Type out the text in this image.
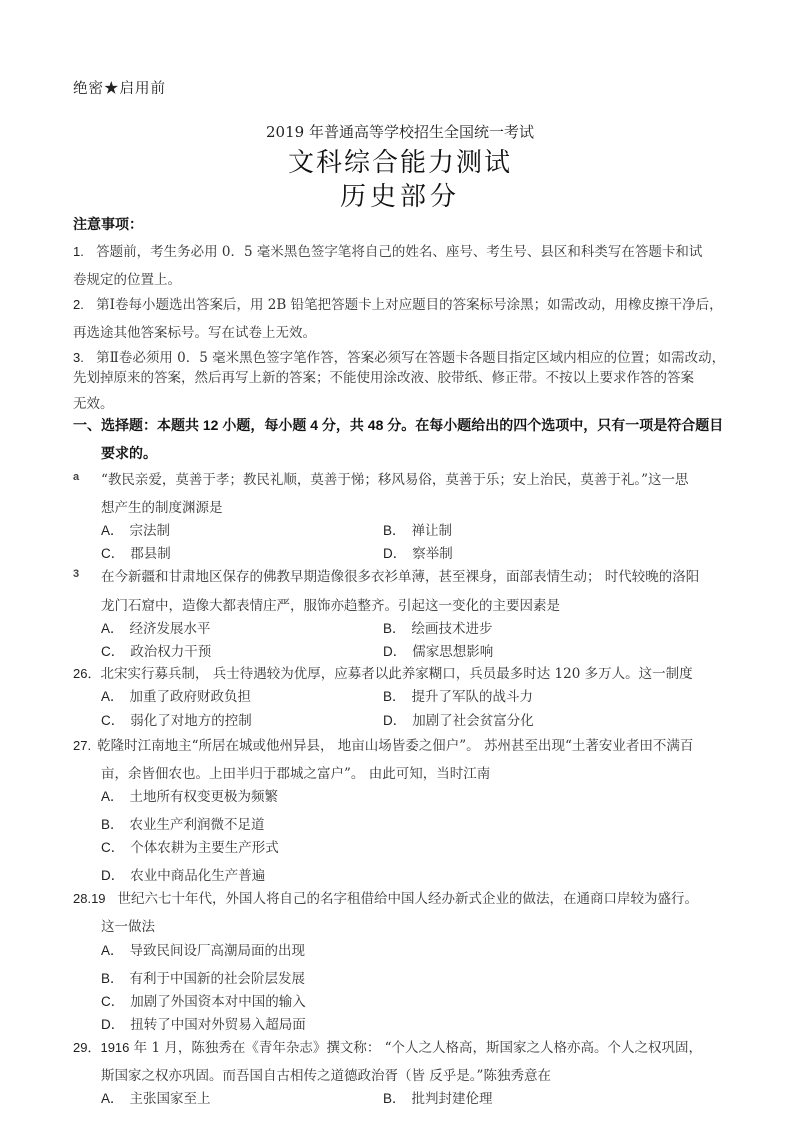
绝密★启用前
2019 年普通高等学校招生全国统一考试
文科综合能力测试
历史部分
注意事项：
1. 答题前，考生务必用 0．5 毫米黑色签字笔将自己的姓名、座号、考生号、县区和科类写在答题卡和试
卷规定的位置上。
2. 第Ⅰ卷每小题选出答案后，用 2B 铅笔把答题卡上对应题目的答案标号涂黑；如需改动，用橡皮擦干净后，
再选途其他答案标号。写在试卷上无效。
3. 第Ⅱ卷必须用 0．5 毫米黑色签字笔作答，答案必须写在答题卡各题目指定区域内相应的位置；如需改动，
先划掉原来的答案，然后再写上新的答案；不能使用涂改液、胶带纸、修正带。不按以上要求作答的答案
无效。
一、选择题：本题共 12 小题，每小题 4 分，共 48 分。在每小题给出的四个选项中，只有一项是符合题目
要求的。
a “教民亲爱，莫善于孝；教民礼顺，莫善于悌；移风易俗，莫善于乐；安上治民，莫善于礼。”这一思
想产生的制度渊源是
A． 宗法制	B． 禅让制
C． 郡县制	D． 察举制
3 在今新疆和甘肃地区保存的佛教早期造像很多衣衫单薄，甚至裸身，面部表情生动； 时代较晚的洛阳
龙门石窟中，造像大都表情庄严，服饰亦趋整齐。引起这一变化的主要因素是
A． 经济发展水平	B． 绘画技术进步
C． 政治权力干预	D． 儒家思想影响
26．北宋实行募兵制， 兵士待遇较为优厚，应募者以此养家糊口，兵员最多时达 120 多万人。这一制度
A． 加重了政府财政负担	B． 提升了军队的战斗力
C． 弱化了对地方的控制	D． 加剧了社会贫富分化
27. 乾隆时江南地主“所居在城或他州异县， 地亩山场皆委之佃户”。 苏州甚至出现“土著安业者田不满百
亩，余皆佃农也。上田半归于郡城之富户”。 由此可知，当时江南
A． 土地所有权变更极为频繁
B． 农业生产利润微不足道
C． 个体农耕为主要生产形式
D． 农业中商品化生产普遍
28.19 世纪六七十年代，外国人将自己的名字租借给中国人经办新式企业的做法，在通商口岸较为盛行。
这一做法
A． 导致民间设厂高潮局面的出现
B． 有利于中国新的社会阶层发展
C． 加剧了外国资本对中国的输入
D． 扭转了中国对外贸易入超局面
29．1916 年 1 月，陈独秀在《青年杂志》撰文称： “个人之人格高，斯国家之人格亦高。个人之权巩固，
斯国家之权亦巩固。而吾国自古相传之道德政治胥（皆 反乎是。”陈独秀意在
A． 主张国家至上	B． 批判封建伦理
